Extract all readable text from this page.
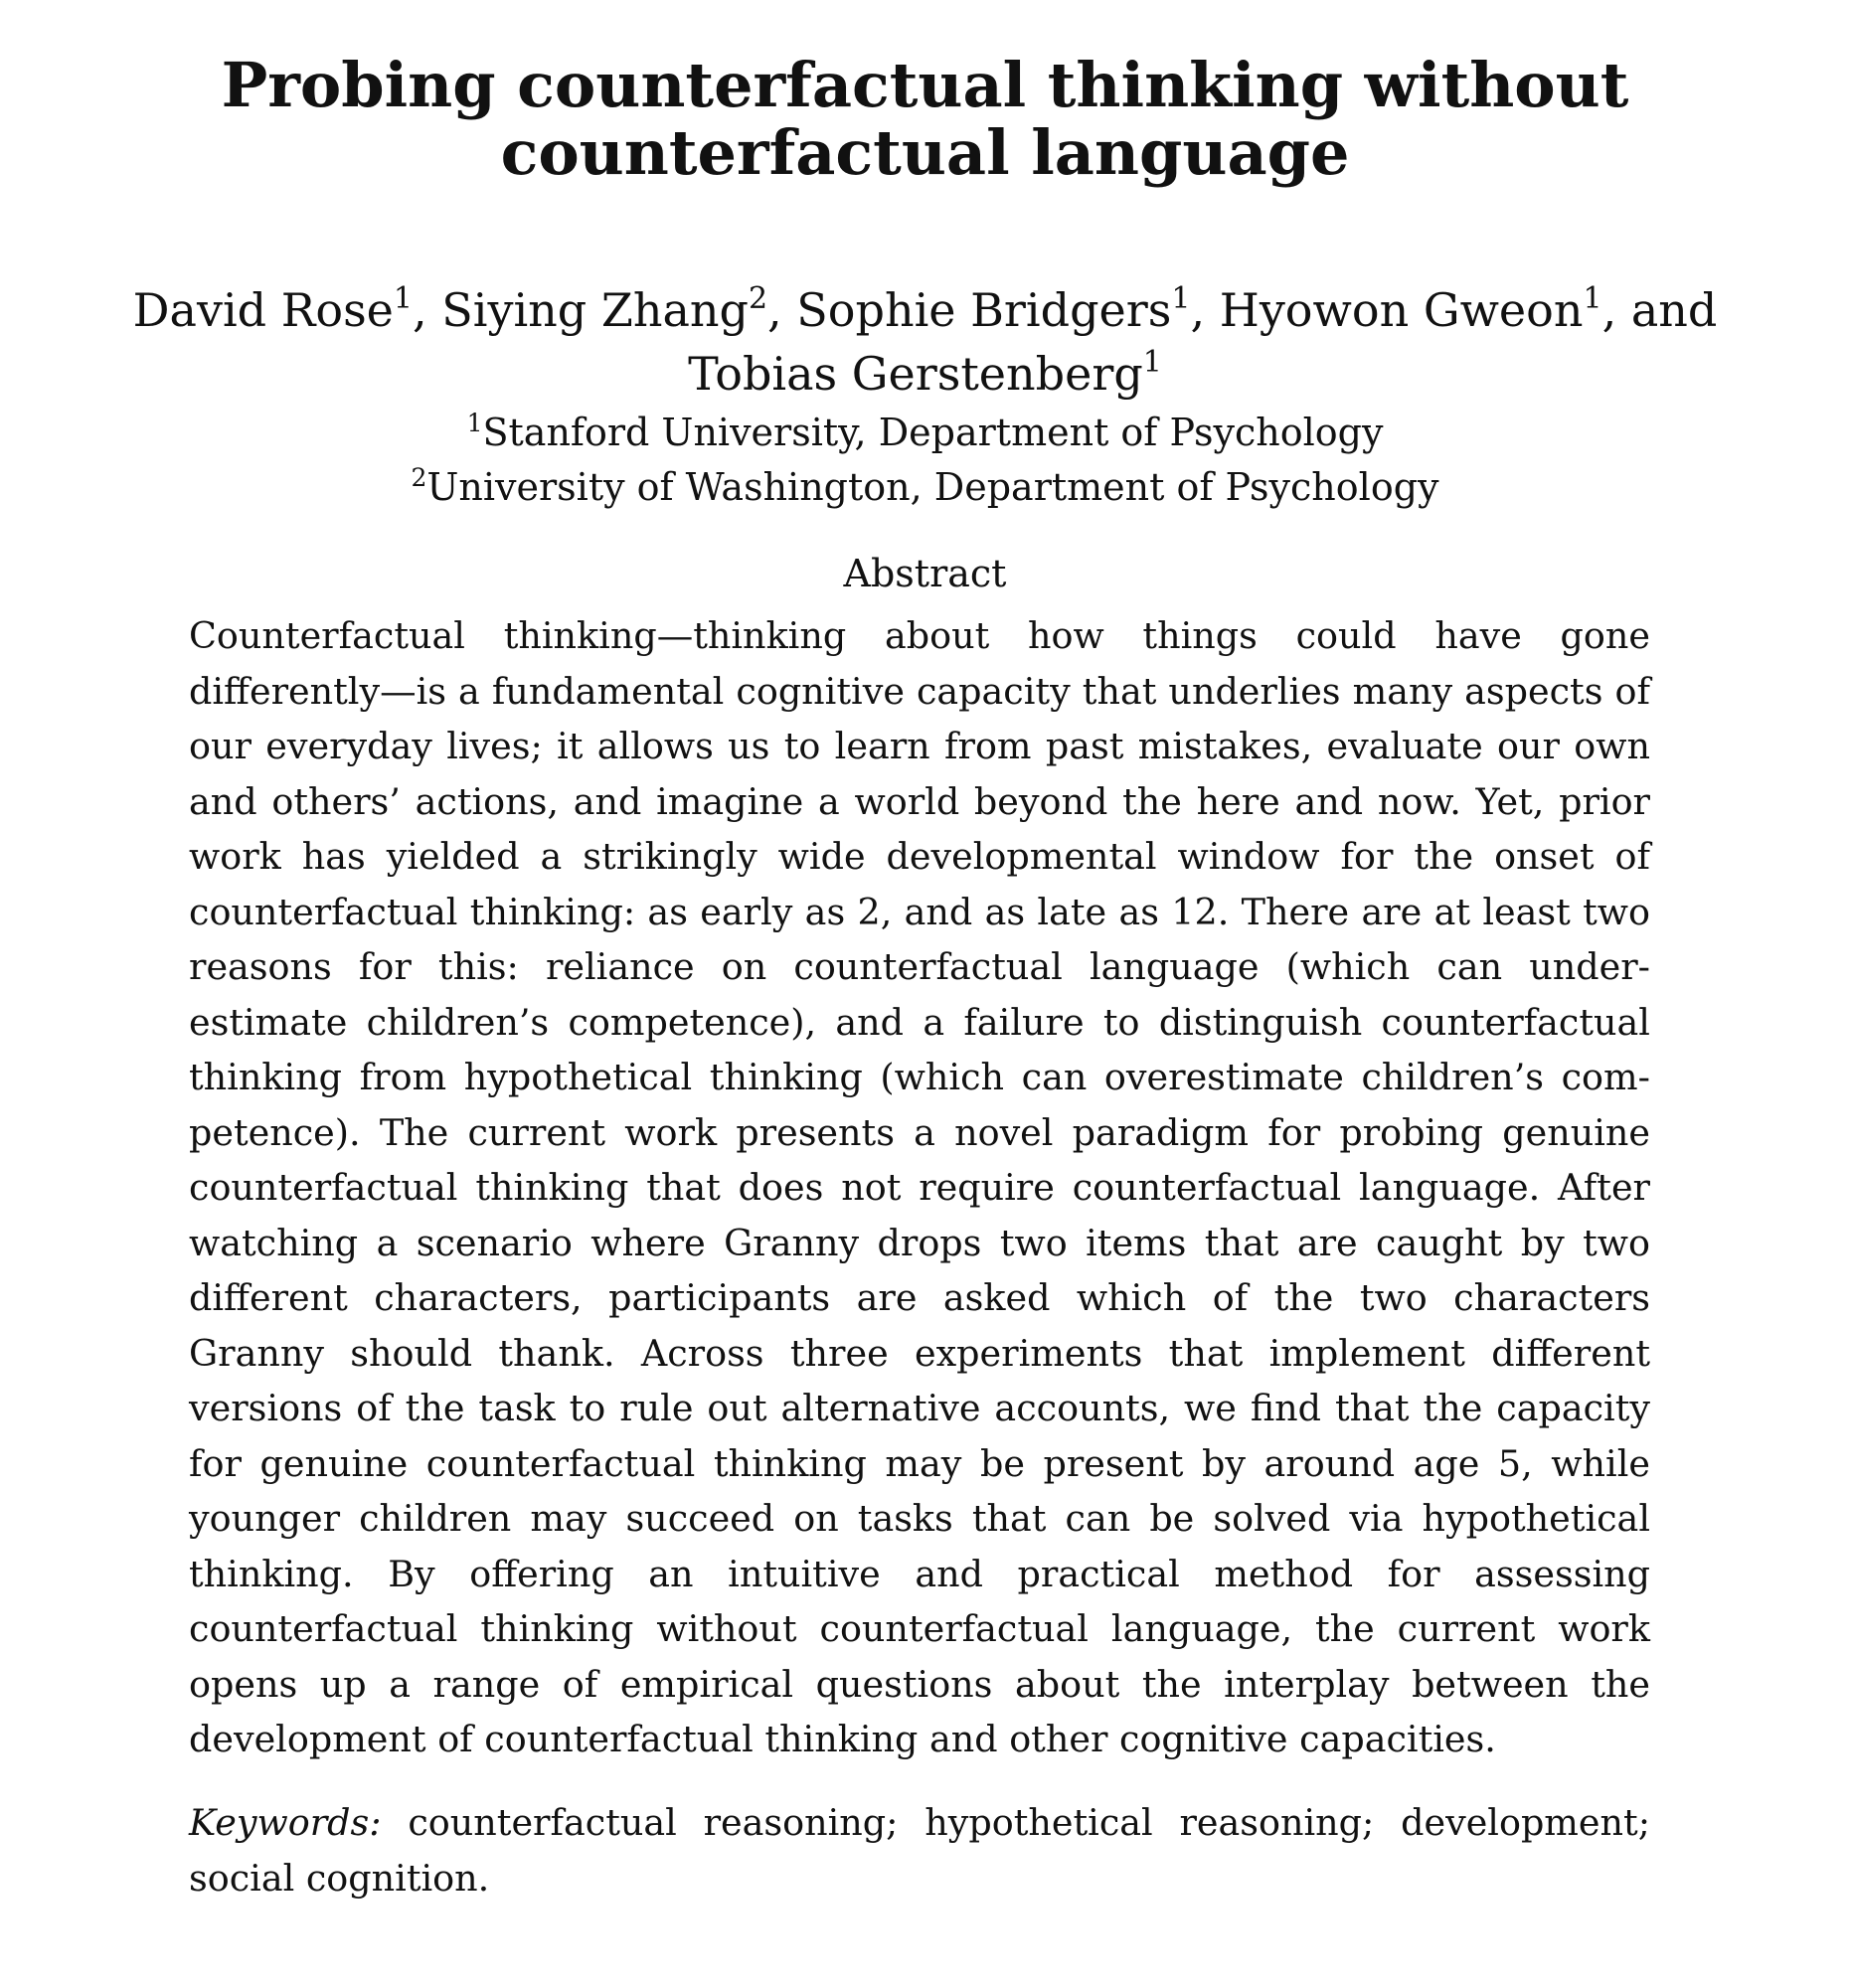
Probing counterfactual thinking without
counterfactual language
David Rose$^1$, Siying Zhang$^2$, Sophie Bridgers$^1$, Hyowon Gweon$^1$, and
Tobias Gerstenberg$^1$
$^1$Stanford University, Department of Psychology
$^2$University of Washington, Department of Psychology
Abstract

Counterfactual thinking—thinking about how things could have gone differently—is a fundamental cognitive capacity that underlies many aspects of our everyday lives; it allows us to learn from past mistakes, evaluate our own and others’ actions, and imagine a world beyond the here and now. Yet, prior work has yielded a strikingly wide developmental window for the onset of counterfactual thinking: as early as 2, and as late as 12. There are at least two reasons for this: reliance on counterfactual language (which can underestimate children’s competence), and a failure to distinguish counterfactual thinking from hypothetical thinking (which can overestimate children’s competence). The current work presents a novel paradigm for probing genuine counterfactual thinking that does not require counterfactual language. After watching a scenario where Granny drops two items that are caught by two different characters, participants are asked which of the two characters Granny should thank. Across three experiments that implement different versions of the task to rule out alternative accounts, we find that the capacity for genuine counterfactual thinking may be present by around age 5, while younger children may succeed on tasks that can be solved via hypothetical thinking. By offering an intuitive and practical method for assessing counterfactual thinking without counterfactual language, the current work opens up a range of empirical questions about the interplay between the development of counterfactual thinking and other cognitive capacities.

Keywords: counterfactual reasoning; hypothetical reasoning; development; social cognition.
